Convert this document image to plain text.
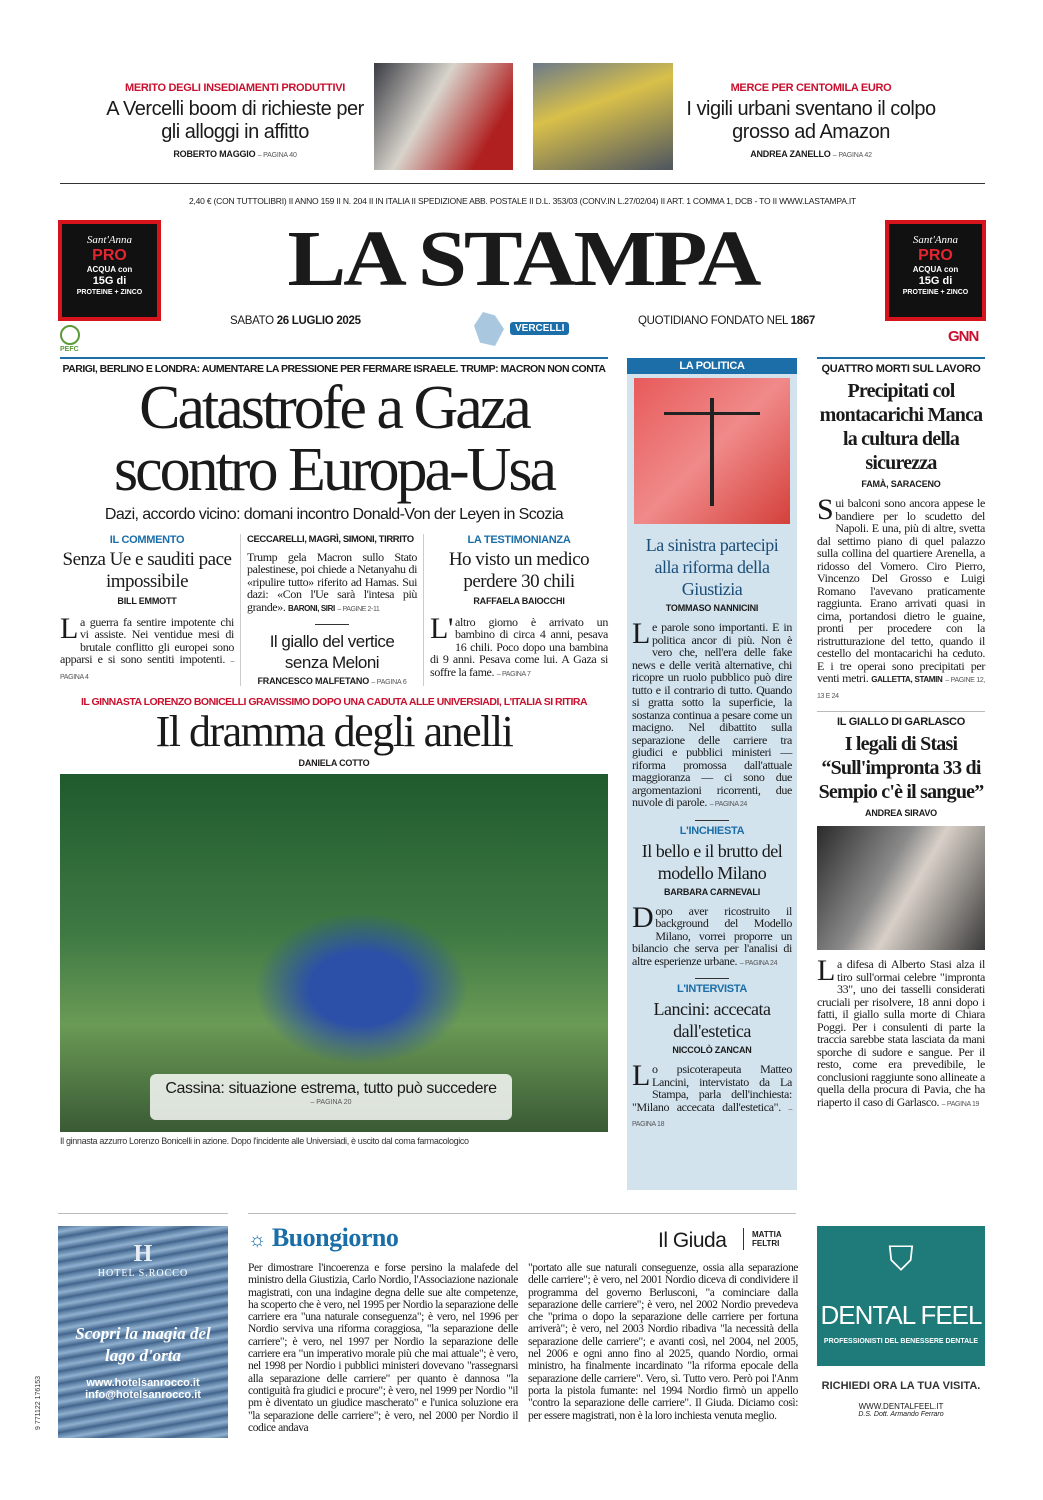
MERITO DEGLI INSEDIAMENTI PRODUTTIVI
A Vercelli boom di richieste per gli alloggi in affitto
ROBERTO MAGGIO – PAGINA 40
MERCE PER CENTOMILA EURO
I vigili urbani sventano il colpo grosso ad Amazon
ANDREA ZANELLO – PAGINA 42
2,40 € (CON TUTTOLIBRI) II ANNO 159 II N. 204 II IN ITALIA II SPEDIZIONE ABB. POSTALE II D.L. 353/03 (CONV.IN L.27/02/04) II ART. 1 COMMA 1, DCB - TO II WWW.LASTAMPA.IT
Sant'Anna
PRO
ACQUA con
15G di
PROTEINE + ZINCO
Sant'Anna
PRO
ACQUA con
15G di
PROTEINE + ZINCO
PEFC
GNN
LA STAMPA
SABATO 26 LUGLIO 2025
VERCELLI
QUOTIDIANO FONDATO NEL 1867
PARIGI, BERLINO E LONDRA: AUMENTARE LA PRESSIONE PER FERMARE ISRAELE. TRUMP: MACRON NON CONTA
Catastrofe a Gaza
scontro Europa-Usa
Dazi, accordo vicino: domani incontro Donald-Von der Leyen in Scozia
IL COMMENTO
Senza Ue e sauditi pace impossibile
BILL EMMOTT
La guerra fa sentire impotente chi vi assiste. Nei ventidue mesi di brutale conflitto gli europei sono apparsi e si sono sentiti impotenti. – PAGINA 4
CECCARELLI, MAGRÌ, SIMONI, TIRRITO
Trump gela Macron sullo Stato palestinese, poi chiede a Netanyahu di «ripulire tutto» riferito ad Hamas. Sui dazi: «Con l'Ue sarà l'intesa più grande». BARONI, SIRI – PAGINE 2-11
Il giallo del vertice senza Meloni
FRANCESCO MALFETANO – PAGINA 6
LA TESTIMONIANZA
Ho visto un medico perdere 30 chili
RAFFAELA BAIOCCHI
L'altro giorno è arrivato un bambino di circa 4 anni, pesava 16 chili. Poco dopo una bambina di 9 anni. Pesava come lui. A Gaza si soffre la fame. – PAGINA 7
IL GINNASTA LORENZO BONICELLI GRAVISSIMO DOPO UNA CADUTA ALLE UNIVERSIADI, L'ITALIA SI RITIRA
Il dramma degli anelli
DANIELA COTTO
Cassina: situazione estrema, tutto può succedere
– PAGINA 20
Il ginnasta azzurro Lorenzo Bonicelli in azione. Dopo l'incidente alle Universiadi, è uscito dal coma farmacologico
LA POLITICA
La sinistra partecipi alla riforma della Giustizia
TOMMASO NANNICINI
Le parole sono importanti. E in politica ancor di più. Non è vero che, nell'era delle fake news e delle verità alternative, chi ricopre un ruolo pubblico può dire tutto e il contrario di tutto. Quando si gratta sotto la superficie, la sostanza continua a pesare come un macigno. Nel dibattito sulla separazione delle carriere tra giudici e pubblici ministeri — riforma promossa dall'attuale maggioranza — ci sono due argomentazioni ricorrenti, due nuvole di parole. – PAGINA 24
L'INCHIESTA
Il bello e il brutto del modello Milano
BARBARA CARNEVALI
Dopo aver ricostruito il background del Modello Milano, vorrei proporre un bilancio che serva per l'analisi di altre esperienze urbane. – PAGINA 24
L'INTERVISTA
Lancini: accecata dall'estetica
NICCOLÒ ZANCAN
Lo psicoterapeuta Matteo Lancini, intervistato da La Stampa, parla dell'inchiesta: "Milano accecata dall'estetica". – PAGINA 18
QUATTRO MORTI SUL LAVORO
Precipitati col montacarichi Manca la cultura della sicurezza
FAMÀ, SARACENO
Sui balconi sono ancora appese le bandiere per lo scudetto del Napoli. E una, più di altre, svetta dal settimo piano di quel palazzo sulla collina del quartiere Arenella, a ridosso del Vomero. Ciro Pierro, Vincenzo Del Grosso e Luigi Romano l'avevano praticamente raggiunta. Erano arrivati quasi in cima, portandosi dietro le guaine, pronti per procedere con la ristrutturazione del tetto, quando il cestello del montacarichi ha ceduto. E i tre operai sono precipitati per venti metri. GALLETTA, STAMIN – PAGINE 12, 13 E 24
IL GIALLO DI GARLASCO
I legali di Stasi “Sull'impronta 33 di Sempio c'è il sangue”
ANDREA SIRAVO
La difesa di Alberto Stasi alza il tiro sull'ormai celebre "impronta 33", uno dei tasselli considerati cruciali per risolvere, 18 anni dopo i fatti, il giallo sulla morte di Chiara Poggi. Per i consulenti di parte la traccia sarebbe stata lasciata da mani sporche di sudore e sangue. Per il resto, come era prevedibile, le conclusioni raggiunte sono allineate a quella della procura di Pavia, che ha riaperto il caso di Garlasco. – PAGINA 19
H
HOTEL S.ROCCO
Scopri la magia del lago d'orta
www.hotelsanrocco.it
info@hotelsanrocco.it
9 771122 176153
☼ Buongiorno	Il Giuda	MATTIA FELTRI
Per dimostrare l'incoerenza e forse persino la malafede del ministro della Giustizia, Carlo Nordio, l'Associazione nazionale magistrati, con una indagine degna delle sue alte competenze, ha scoperto che è vero, nel 1995 per Nordio la separazione delle carriere era "una naturale conseguenza"; è vero, nel 1996 per Nordio serviva una riforma coraggiosa, "la separazione delle carriere"; è vero, nel 1997 per Nordio la separazione delle carriere era "un imperativo morale più che mai attuale"; è vero, nel 1998 per Nordio i pubblici ministeri dovevano "rassegnarsi alla separazione delle carriere" per quanto è dannosa "la contiguità fra giudici e procure"; è vero, nel 1999 per Nordio "il pm è diventato un giudice mascherato" e l'unica soluzione era "la separazione delle carriere"; è vero, nel 2000 per Nordio il codice andava
"portato alle sue naturali conseguenze, ossia alla separazione delle carriere"; è vero, nel 2001 Nordio diceva di condividere il programma del governo Berlusconi, "a cominciare dalla separazione delle carriere"; è vero, nel 2002 Nordio prevedeva che "prima o dopo la separazione delle carriere per fortuna arriverà"; è vero, nel 2003 Nordio ribadiva "la necessità della separazione delle carriere"; e avanti così, nel 2004, nel 2005, nel 2006 e ogni anno fino al 2025, quando Nordio, ormai ministro, ha finalmente incardinato "la riforma epocale della separazione delle carriere". Vero, sì. Tutto vero. Però poi l'Anm porta la pistola fumante: nel 1994 Nordio firmò un appello "contro la separazione delle carriere". Il Giuda. Diciamo così: per essere magistrati, non è la loro inchiesta venuta meglio.
⛉
DENTAL FEEL
PROFESSIONISTI DEL BENESSERE DENTALE
RICHIEDI ORA LA TUA VISITA.
WWW.DENTALFEEL.IT
D.S. Dott. Armando Ferraro
